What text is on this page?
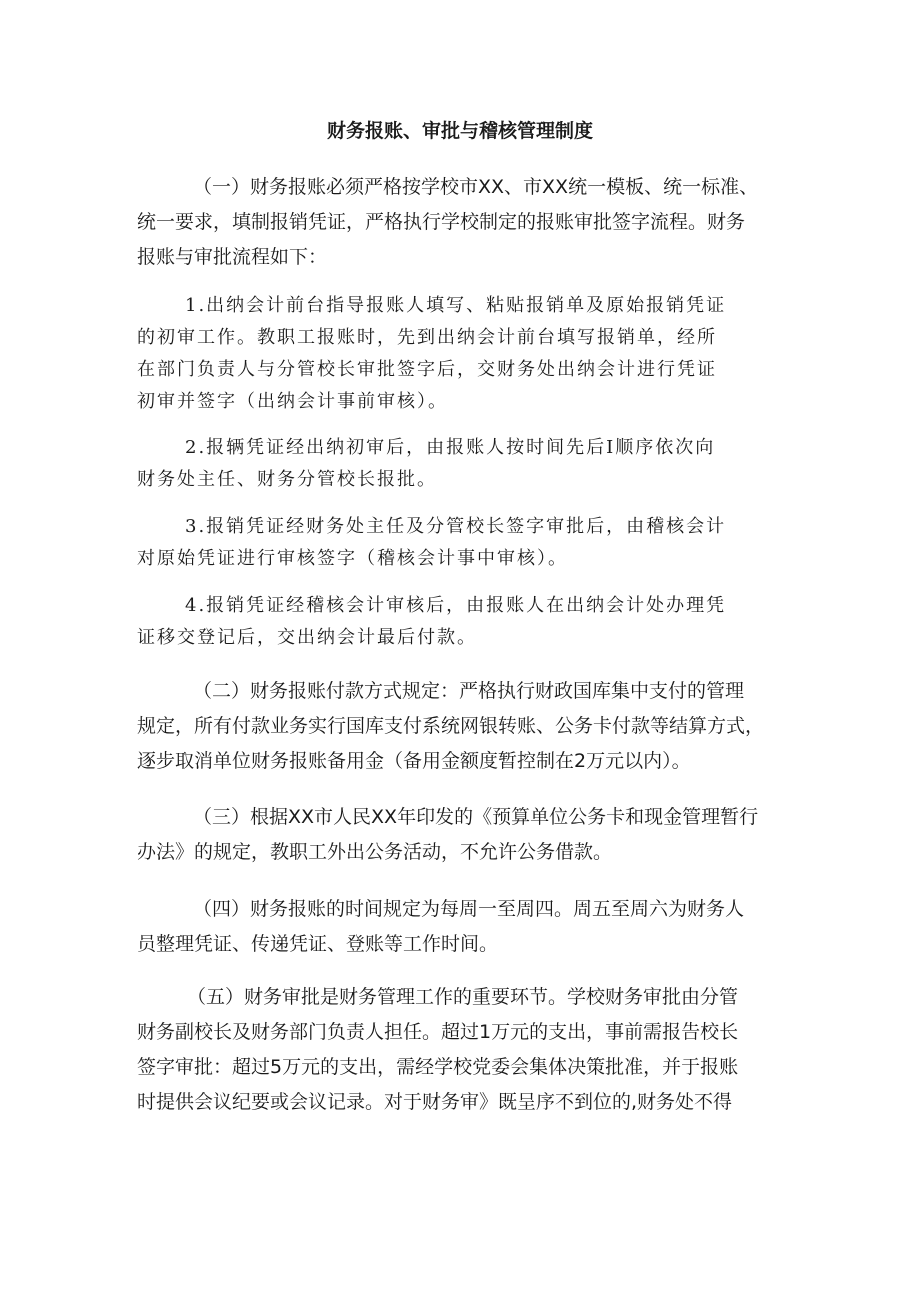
财务报账、审批与稽核管理制度
（一）财务报账必须严格按学校市XX、市XX统一模板、统一标准、
统一要求，填制报销凭证，严格执行学校制定的报账审批签字流程。财务
报账与审批流程如下：
1.出纳会计前台指导报账人填写、粘贴报销单及原始报销凭证
的初审工作。教职工报账时，先到出纳会计前台填写报销单，经所
在部门负责人与分管校长审批签字后，交财务处出纳会计进行凭证
初审并签字（出纳会计事前审核）。
2.报辆凭证经出纳初审后，由报账人按时间先后I顺序依次向
财务处主任、财务分管校长报批。
3.报销凭证经财务处主任及分管校长签字审批后，由稽核会计
对原始凭证进行审核签字（稽核会计事中审核）。
4.报销凭证经稽核会计审核后，由报账人在出纳会计处办理凭
证移交登记后，交出纳会计最后付款。
（二）财务报账付款方式规定：严格执行财政国库集中支付的管理
规定，所有付款业务实行国库支付系统网银转账、公务卡付款等结算方式，
逐步取消单位财务报账备用金（备用金额度暂控制在2万元以内）。
（三）根据XX市人民XX年印发的《预算单位公务卡和现金管理暂行
办法》的规定，教职工外出公务活动，不允许公务借款。
（四）财务报账的时间规定为每周一至周四。周五至周六为财务人
员整理凭证、传递凭证、登账等工作时间。
（五）财务审批是财务管理工作的重要环节。学校财务审批由分管
财务副校长及财务部门负责人担任。超过1万元的支出，事前需报告校长
签字审批：超过5万元的支出，需经学校党委会集体决策批准，并于报账
时提供会议纪要或会议记录。对于财务审》既呈序不到位的,财务处不得
